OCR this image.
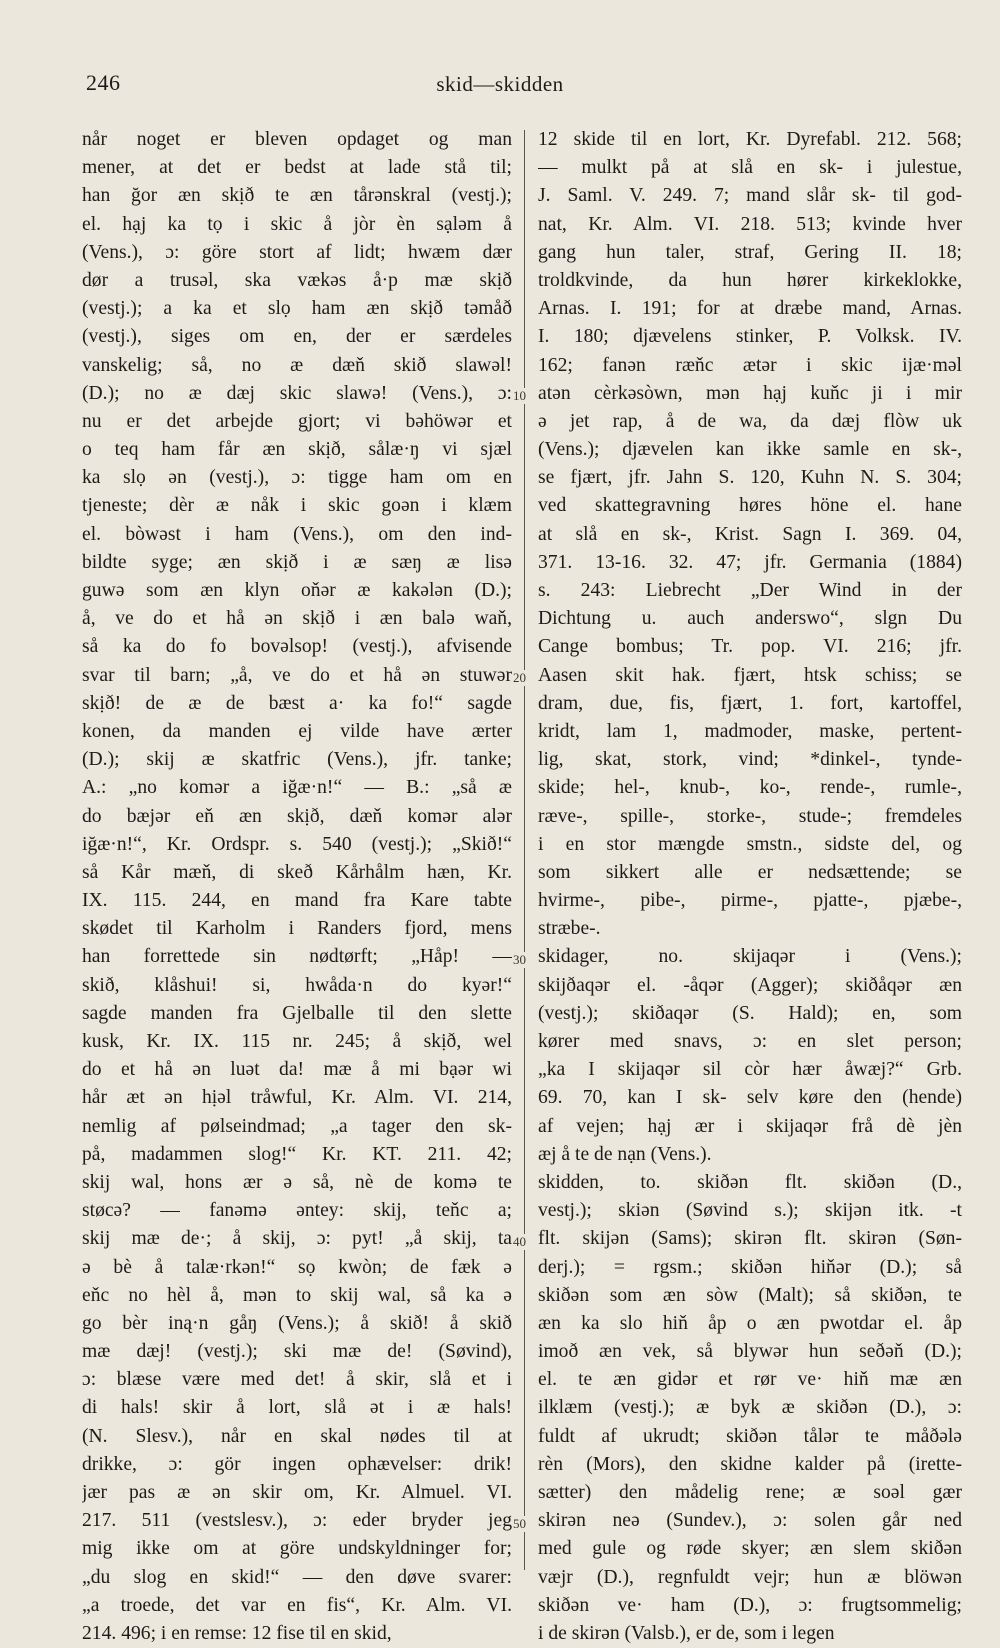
246	skid—skidden
når noget er bleven opdaget og man
mener, at det er bedst at lade stå til;
han ğor æn skịð te æn tårənskral (vestj.);
el. hạj ka tọ i skic å jòr èn sạləm å
(Vens.), ɔ: göre stort af lidt; hwæm dær
dør a trusəl, ska vækəs å·p mæ skịð
(vestj.); a ka et slọ ham æn skịð təmåð
(vestj.), siges om en, der er særdeles
vanskelig; så, no æ dæň skið slawəl!
(D.); no æ dæj skic slawə! (Vens.), ɔ:
nu er det arbejde gjort; vi bəhöwər et
o teq ham får æn skịð, sålæ·ŋ vi sjæl
ka slọ ən (vestj.), ɔ: tigge ham om en
tjeneste; dèr æ nåk i skic goən i klæm
el. bòwəst i ham (Vens.), om den ind-
bildte syge; æn skịð i æ sæŋ æ lisə
guwə som æn klyn oňər æ kakələn (D.);
å, ve do et hå ən skịð i æn balə waň,
så ka do fo bovəlsop! (vestj.), afvisende
svar til barn; „å, ve do et hå ən stuwər
skịð! de æ de bæst a· ka fo!“ sagde
konen, da manden ej vilde have ærter
(D.); skij æ skatfric (Vens.), jfr. tanke;
A.: „no komər a iğæ·n!“ — B.: „så æ
do bæjər eň æn skịð, dæň komər alər
iğæ·n!“, Kr. Ordspr. s. 540 (vestj.); „Skið!“
så Kår mæň, di skeð Kårhålm hæn, Kr.
IX. 115. 244, en mand fra Kare tabte
skødet til Karholm i Randers fjord, mens
han forrettede sin nødtørft; „Håp! —
skið, klåshui! si, hwåda·n do kyər!“
sagde manden fra Gjelballe til den slette
kusk, Kr. IX. 115 nr. 245; å skịð, wel
do et hå ən luət da! mæ å mi bạər wi
hår æt ən hịəl tråwful, Kr. Alm. VI. 214,
nemlig af pølseindmad; „a tager den sk-
på, madammen slog!“ Kr. KT. 211. 42;
skij wal, hons ær ə så, nè de komə te
støcə? — fanəmə əntey: skij, teňc a;
skij mæ de·; å skij, ɔ: pyt! „å skij, ta
ə bè å talæ·rkən!“ sọ kwòn; de fæk ə
eňc no hèl å, mən to skij wal, så ka ə
go bèr iną·n gåŋ (Vens.); å skið! å skið
mæ dæj! (vestj.); ski mæ de! (Søvind),
ɔ: blæse være med det! å skir, slå et i
di hals! skir å lort, slå ət i æ hals!
(N. Slesv.), når en skal nødes til at
drikke, ɔ: gör ingen ophævelser: drik!
jær pas æ ən skir om, Kr. Almuel. VI.
217. 511 (vestslesv.), ɔ: eder bryder jeg
mig ikke om at göre undskyldninger for;
„du slog en skid!“ — den døve svarer:
„a troede, det var en fis“, Kr. Alm. VI.
214. 496; i en remse: 12 fise til en skid,
12 skide til en lort, Kr. Dyrefabl. 212. 568;
— mulkt på at slå en sk- i julestue,
J. Saml. V. 249. 7; mand slår sk- til god-
nat, Kr. Alm. VI. 218. 513; kvinde hver
gang hun taler, straf, Gering II. 18;
troldkvinde, da hun hører kirkeklokke,
Arnas. I. 191; for at dræbe mand, Arnas.
I. 180; djævelens stinker, P. Volksk. IV.
162; fanən ræňc ætər i skic ijæ·məl
atən cèrkəsòwn, mən hạj kuňc ji i mir
ə jet rap, å de wa, da dæj flòw uk
(Vens.); djævelen kan ikke samle en sk-,
se fjært, jfr. Jahn S. 120, Kuhn N. S. 304;
ved skattegravning høres höne el. hane
at slå en sk-, Krist. Sagn I. 369. 04,
371. 13-16. 32. 47; jfr. Germania (1884)
s. 243: Liebrecht „Der Wind in der
Dichtung u. auch anderswo“, slgn Du
Cange bombus; Tr. pop. VI. 216; jfr.
Aasen skit hak. fjært, htsk schiss; se
dram, due, fis, fjært, 1. fort, kartoffel,
kridt, lam 1, madmoder, maske, pertent-
lig, skat, stork, vind; *dinkel-, tynde-
skide; hel-, knub-, ko-, rende-, rumle-,
ræve-, spille-, storke-, stude-; fremdeles
i en stor mængde smstn., sidste del, og
som sikkert alle er nedsættende; se
hvirme-, pibe-, pirme-, pjatte-, pjæbe-,
stræbe-.
skidager, no. skijaqər i (Vens.);
skijðaqər el. -åqər (Agger); skiðåqər æn
(vestj.); skiðaqər (S. Hald); en, som
kører med snavs, ɔ: en slet person;
„ka I skijaqər sil còr hær åwæj?“ Grb.
69. 70, kan I sk- selv køre den (hende)
af vejen; hạj ær i skijaqər frå dè jèn
æj å te de nạn (Vens.).
skidden, to. skiðən flt. skiðən (D.,
vestj.); skiən (Søvind s.); skijən itk. -t
flt. skijən (Sams); skirən flt. skirən (Søn-
derj.); = rgsm.; skiðən hiňər (D.); så
skiðən som æn sòw (Malt); så skiðən, te
æn ka slo hiň åp o æn pwotdar el. åp
imoð æn vek, så blywər hun seðəň (D.);
el. te æn gidər et rør ve· hiň mæ æn
ilklæm (vestj.); æ byk æ skiðən (D.), ɔ:
fuldt af ukrudt; skiðən tålər te måðələ
rèn (Mors), den skidne kalder på (irette-
sætter) den mådelig rene; æ soəl gær
skirən neə (Sundev.), ɔ: solen går ned
med gule og røde skyer; æn slem skiðən
væjr (D.), regnfuldt vejr; hun æ blöwən
skiðən ve· ham (D.), ɔ: frugtsommelig;
i de skirən (Valsb.), er de, som i legen
10
20
30
40
50
